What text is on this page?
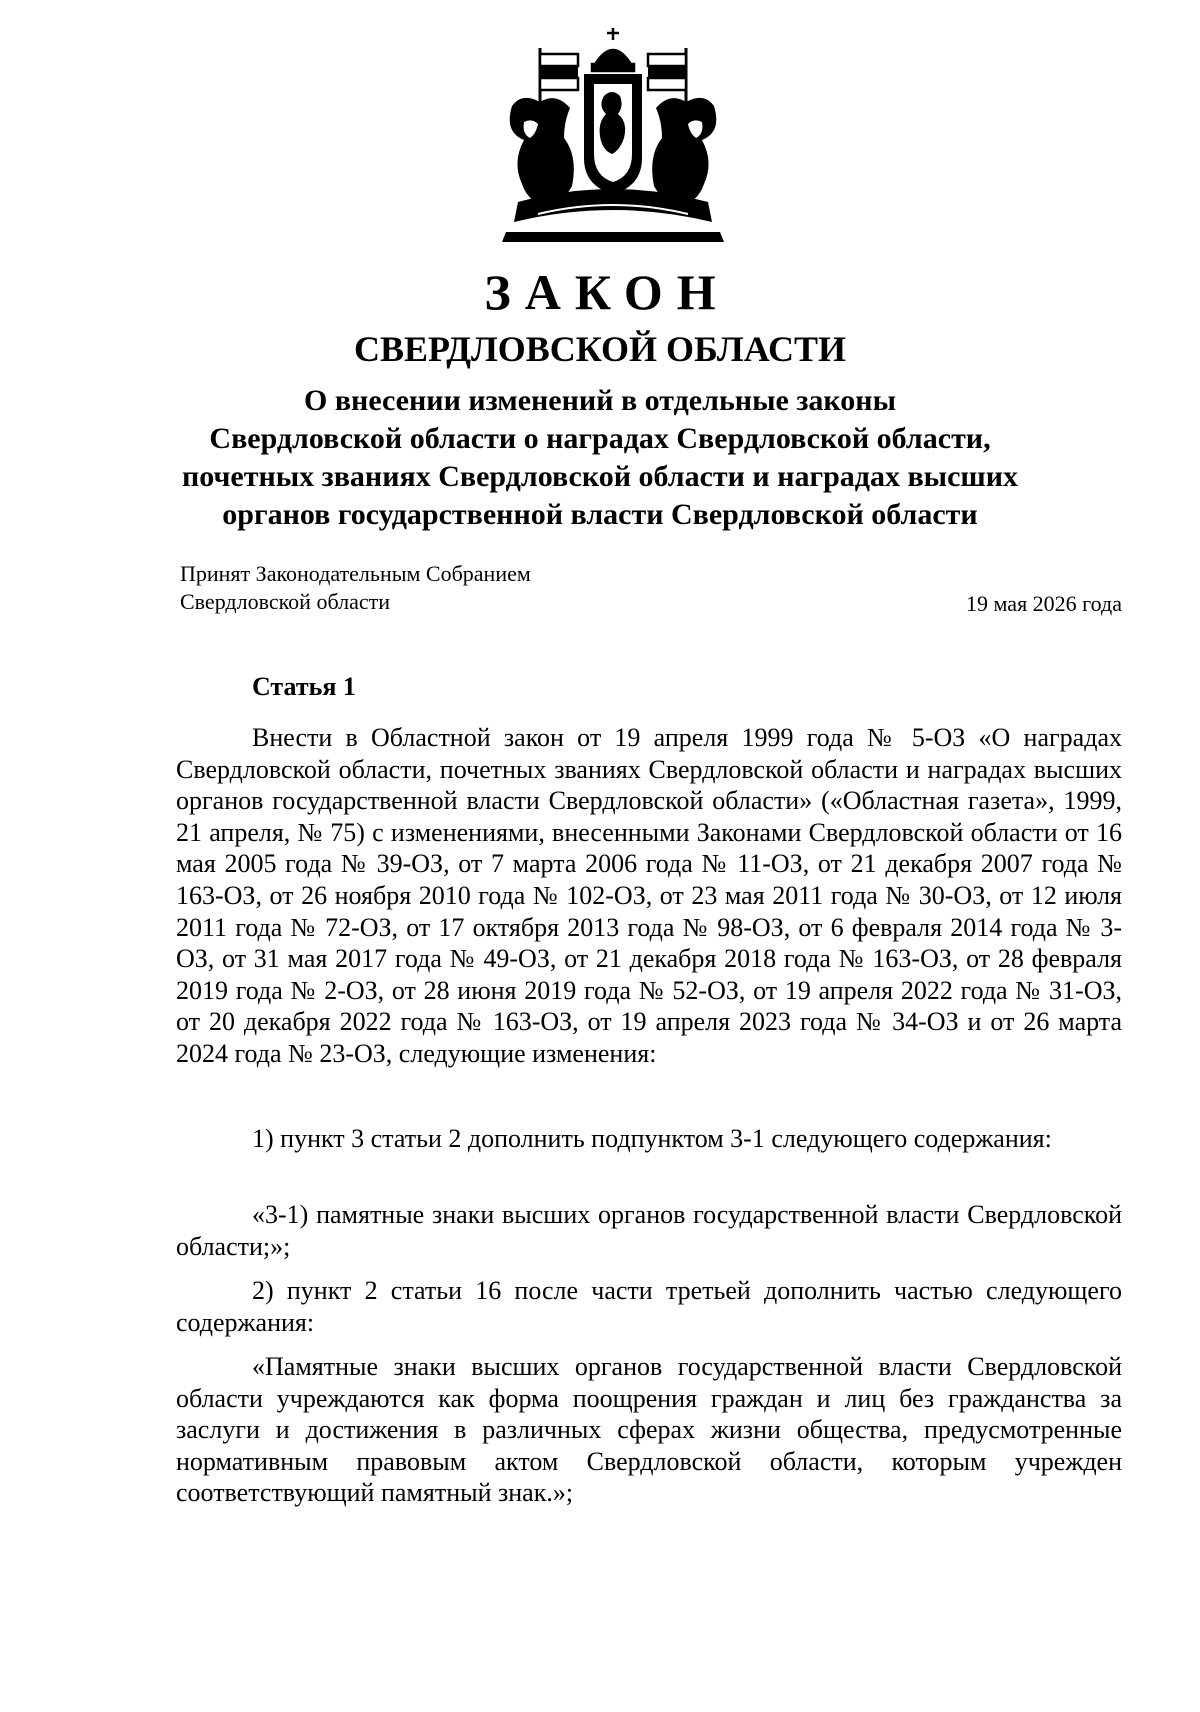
ЗАКОН
СВЕРДЛОВСКОЙ ОБЛАСТИ
О внесении изменений в отдельные законы
Свердловской области о наградах Свердловской области,
почетных званиях Свердловской области и наградах высших
органов государственной власти Свердловской области
Принят Законодательным Собранием
Свердловской области	19 мая 2026 года
Статья 1

Внести в Областной закон от 19 апреля 1999 года № 5-ОЗ «О наградах Свердловской области, почетных званиях Свердловской области и наградах высших органов государственной власти Свердловской области» («Областная газета», 1999, 21 апреля, № 75) с изменениями, внесенными Законами Свердловской области от 16 мая 2005 года № 39-ОЗ, от 7 марта 2006 года № 11-ОЗ, от 21 декабря 2007 года № 163-ОЗ, от 26 ноября 2010 года № 102-ОЗ, от 23 мая 2011 года № 30-ОЗ, от 12 июля 2011 года № 72-ОЗ, от 17 октября 2013 года № 98-ОЗ, от 6 февраля 2014 года № 3-ОЗ, от 31 мая 2017 года № 49-ОЗ, от 21 декабря 2018 года № 163-ОЗ, от 28 февраля 2019 года № 2-ОЗ, от 28 июня 2019 года № 52-ОЗ, от 19 апреля 2022 года № 31-ОЗ, от 20 декабря 2022 года № 163-ОЗ, от 19 апреля 2023 года № 34-ОЗ и от 26 марта 2024 года № 23-ОЗ, следующие изменения:

1) пункт 3 статьи 2 дополнить подпунктом 3-1 следующего содержания:

«3-1) памятные знаки высших органов государственной власти Свердловской области;»;

2) пункт 2 статьи 16 после части третьей дополнить частью следующего содержания:

«Памятные знаки высших органов государственной власти Свердловской области учреждаются как форма поощрения граждан и лиц без гражданства за заслуги и достижения в различных сферах жизни общества, предусмотренные нормативным правовым актом Свердловской области, которым учрежден соответствующий памятный знак.»;
